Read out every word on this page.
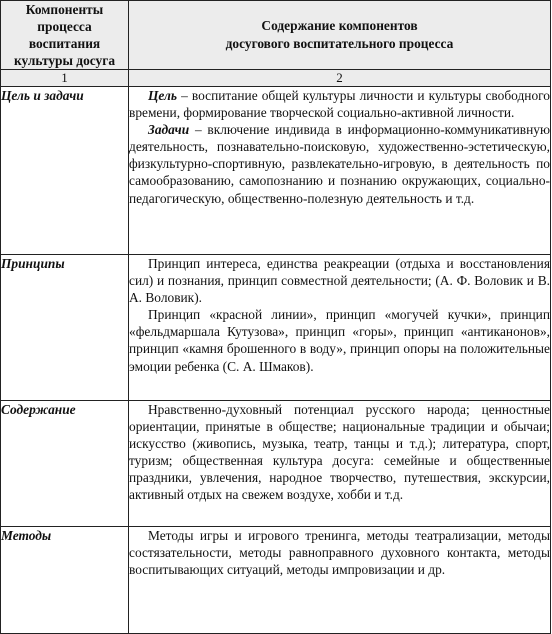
Компоненты процесса воспитания культуры досуга	Содержание компонентов
досугового воспитательного процесса
1	2
Цель и задачи	Цель – воспитание общей культуры личности и культуры свободного времени, формирование творческой социально-активной личности.

Задачи – включение индивида в информационно-коммуникативную деятельность, познавательно-поисковую, художественно-эстетическую, физкультурно-спортивную, развлекательно-игровую, в деятельность по самообразованию, самопознанию и познанию окружающих, социально-педагогическую, общественно-полезную деятельность и т.д.

Принципы	Принцип интереса, единства реакреации (отдыха и восстановления сил) и познания, принцип совместной деятельности; (А. Ф. Воловик и В. А. Воловик).

Принцип «красной линии», принцип «могучей кучки», принцип «фельдмаршала Кутузова», принцип «горы», принцип «антиканонов», принцип «камня брошенного в воду», принцип опоры на положительные эмоции ребенка (С. А. Шмаков).

Содержание	Нравственно-духовный потенциал русского народа; ценностные ориентации, принятые в обществе; национальные традиции и обычаи; искусство (живопись, музыка, театр, танцы и т.д.); литература, спорт, туризм; общественная культура досуга: семейные и общественные праздники, увлечения, народное творчество, путешествия, экскурсии, активный отдых на свежем воздухе, хобби и т.д.

Методы	Методы игры и игрового тренинга, методы театрализации, методы состязательности, методы равноправного духовного контакта, методы воспитывающих ситуаций, методы импровизации и др.
